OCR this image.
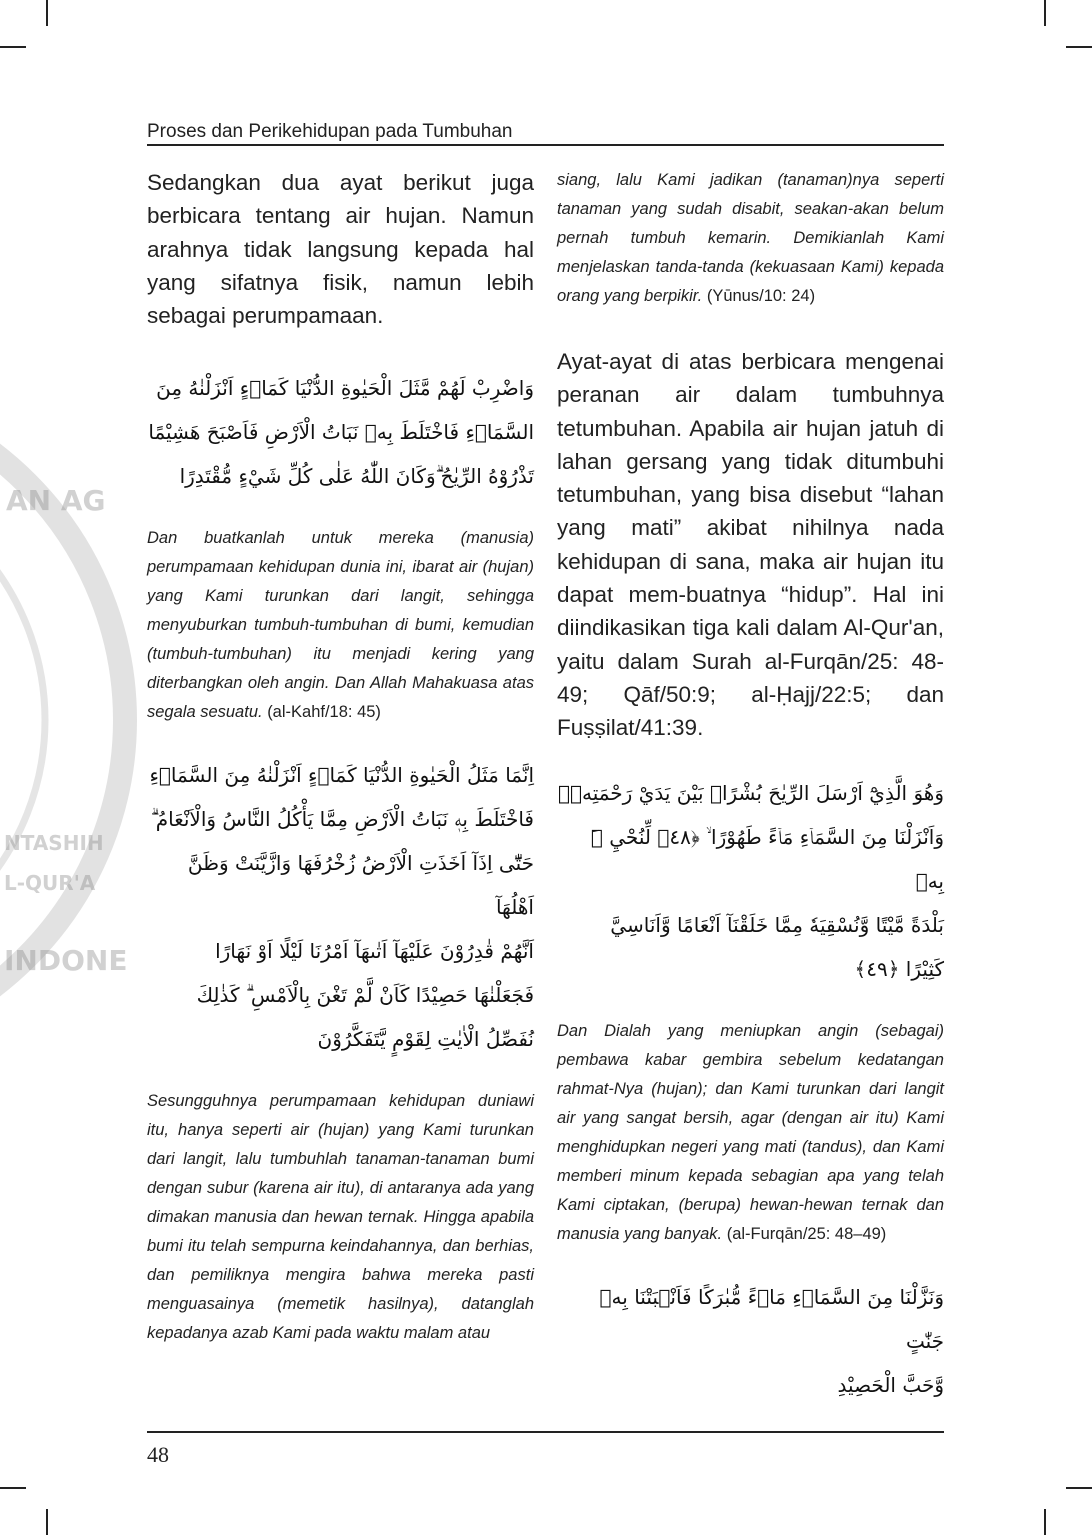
AN AG
NTASHIH
L-QUR'A
INDONE
Proses dan Perikehidupan pada Tumbuhan
Sedangkan dua ayat berikut juga berbicara tentang air hujan. Namun arahnya tidak langsung kepada hal yang sifatnya fisik, namun lebih sebagai perumpamaan.
وَاضْرِبْ لَهُمْ مَّثَلَ الْحَيٰوةِ الدُّنْيَا كَمَاۤءٍ اَنْزَلْنٰهُ مِنَ
السَّمَاۤءِ فَاخْتَلَطَ بِهٖ نَبَاتُ الْاَرْضِ فَاَصْبَحَ هَشِيْمًا
تَذْرُوْهُ الرِّيٰحُ ۗوَكَانَ اللّٰهُ عَلٰى كُلِّ شَيْءٍ مُّقْتَدِرًا
Dan buatkanlah untuk mereka (manusia) perumpamaan kehidupan dunia ini, ibarat air (hujan) yang Kami turunkan dari langit, sehingga menyuburkan tumbuh-tumbuhan di bumi, kemudian (tumbuh-tumbuhan) itu menjadi kering yang diterbangkan oleh angin. Dan Allah Mahakuasa atas segala sesuatu. (al-Kahf/18: 45)
اِنَّمَا مَثَلُ الْحَيٰوةِ الدُّنْيَا كَمَاۤءٍ اَنْزَلْنٰهُ مِنَ السَّمَاۤءِ
فَاخْتَلَطَ بِهٖ نَبَاتُ الْاَرْضِ مِمَّا يَأْكُلُ النَّاسُ وَالْاَنْعَامُ ۗ
حَتّٰٓى اِذَآ اَخَذَتِ الْاَرْضُ زُخْرُفَهَا وَازَّيَّنَتْ وَظَنَّ اَهْلُهَآ
اَنَّهُمْ قٰدِرُوْنَ عَلَيْهَآ اَتٰىهَآ اَمْرُنَا لَيْلًا اَوْ نَهَارًا
فَجَعَلْنٰهَا حَصِيْدًا كَاَنْ لَّمْ تَغْنَ بِالْاَمْسِ ۗ كَذٰلِكَ
نُفَصِّلُ الْاٰيٰتِ لِقَوْمٍ يَّتَفَكَّرُوْنَ
Sesungguhnya perumpamaan kehidupan duniawi itu, hanya seperti air (hujan) yang Kami turunkan dari langit, lalu tumbuhlah tanaman-tanaman bumi dengan subur (karena air itu), di antaranya ada yang dimakan manusia dan hewan ternak. Hingga apabila bumi itu telah sempurna keindahannya, dan berhias, dan pemiliknya mengira bahwa mereka pasti menguasainya (memetik hasilnya), datanglah kepadanya azab Kami pada waktu malam atau
siang, lalu Kami jadikan (tanaman)nya seperti tanaman yang sudah disabit, seakan-akan belum pernah tumbuh kemarin. Demikianlah Kami menjelaskan tanda-tanda (kekuasaan Kami) kepada orang yang berpikir. (Yūnus/10: 24)
Ayat-ayat di atas berbicara mengenai peranan air dalam tumbuhnya tetumbuhan. Apabila air hujan jatuh di lahan gersang yang tidak ditumbuhi tetumbuhan, yang bisa disebut “lahan yang mati” akibat nihilnya nada kehidupan di sana, maka air hujan itu dapat mem-buatnya “hidup”. Hal ini diindikasikan tiga kali dalam Al-Qur'an, yaitu dalam Surah al-Furqān/25: 48-49; Qāf/50:9; al-Ḥajj/22:5; dan Fuṣṣilat/41:39.
وَهُوَ الَّذِيْٓ اَرْسَلَ الرِّيٰحَ بُشْرًاۢ بَيْنَ يَدَيْ رَحْمَتِهٖۚ
وَاَنْزَلْنَا مِنَ السَّمَاۤءِ مَاۤءً طَهُوْرًا ۙ ﴿٤٨﴾ لِّنُحْيِ َۧ بِهٖ
بَلْدَةً مَّيْتًا وَّنُسْقِيَهٗ مِمَّا خَلَقْنَآ اَنْعَامًا وَّاَنَاسِيَّ
كَثِيْرًا ﴿٤٩﴾
Dan Dialah yang meniupkan angin (sebagai) pembawa kabar gembira sebelum kedatangan rahmat-Nya (hujan); dan Kami turunkan dari langit air yang sangat bersih, agar (dengan air itu) Kami menghidupkan negeri yang mati (tandus), dan Kami memberi minum kepada sebagian apa yang telah Kami ciptakan, (berupa) hewan-hewan ternak dan manusia yang banyak. (al-Furqān/25: 48–49)
وَنَزَّلْنَا مِنَ السَّمَاۤءِ مَاۤءً مُّبٰرَكًا فَاَنْۢبَتْنَا بِهٖ جَنّٰتٍ
وَّحَبَّ الْحَصِيْدِ
48
